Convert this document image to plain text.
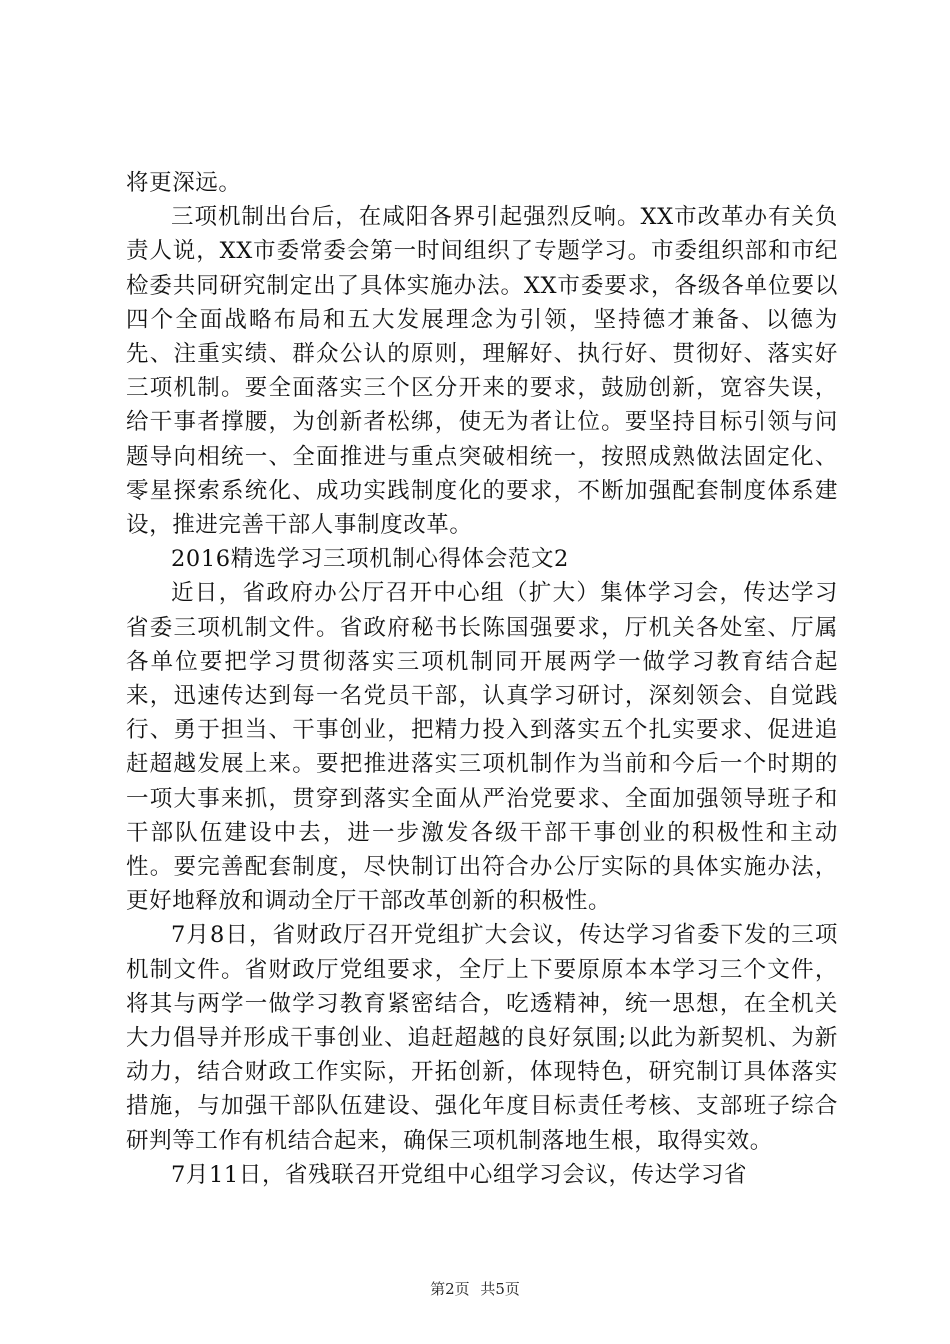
将更深远。

三项机制出台后，在咸阳各界引起强烈反响。XX市改革办有关负责人说，XX市委常委会第一时间组织了专题学习。市委组织部和市纪检委共同研究制定出了具体实施办法。XX市委要求，各级各单位要以四个全面战略布局和五大发展理念为引领，坚持德才兼备、以德为先、注重实绩、群众公认的原则，理解好、执行好、贯彻好、落实好三项机制。要全面落实三个区分开来的要求，鼓励创新，宽容失误，给干事者撑腰，为创新者松绑，使无为者让位。要坚持目标引领与问题导向相统一、全面推进与重点突破相统一，按照成熟做法固定化、零星探索系统化、成功实践制度化的要求，不断加强配套制度体系建设，推进完善干部人事制度改革。

2016精选学习三项机制心得体会范文2

近日，省政府办公厅召开中心组（扩大）集体学习会，传达学习省委三项机制文件。省政府秘书长陈国强要求，厅机关各处室、厅属各单位要把学习贯彻落实三项机制同开展两学一做学习教育结合起来，迅速传达到每一名党员干部，认真学习研讨，深刻领会、自觉践行、勇于担当、干事创业，把精力投入到落实五个扎实要求、促进追赶超越发展上来。要把推进落实三项机制作为当前和今后一个时期的一项大事来抓，贯穿到落实全面从严治党要求、全面加强领导班子和干部队伍建设中去，进一步激发各级干部干事创业的积极性和主动性。要完善配套制度，尽快制订出符合办公厅实际的具体实施办法，更好地释放和调动全厅干部改革创新的积极性。

7月8日，省财政厅召开党组扩大会议，传达学习省委下发的三项机制文件。省财政厅党组要求，全厅上下要原原本本学习三个文件，将其与两学一做学习教育紧密结合，吃透精神，统一思想，在全机关大力倡导并形成干事创业、追赶超越的良好氛围;以此为新契机、为新动力，结合财政工作实际，开拓创新，体现特色，研究制订具体落实措施，与加强干部队伍建设、强化年度目标责任考核、支部班子综合研判等工作有机结合起来，确保三项机制落地生根，取得实效。

7月11日，省残联召开党组中心组学习会议，传达学习省

第2页 共5页
